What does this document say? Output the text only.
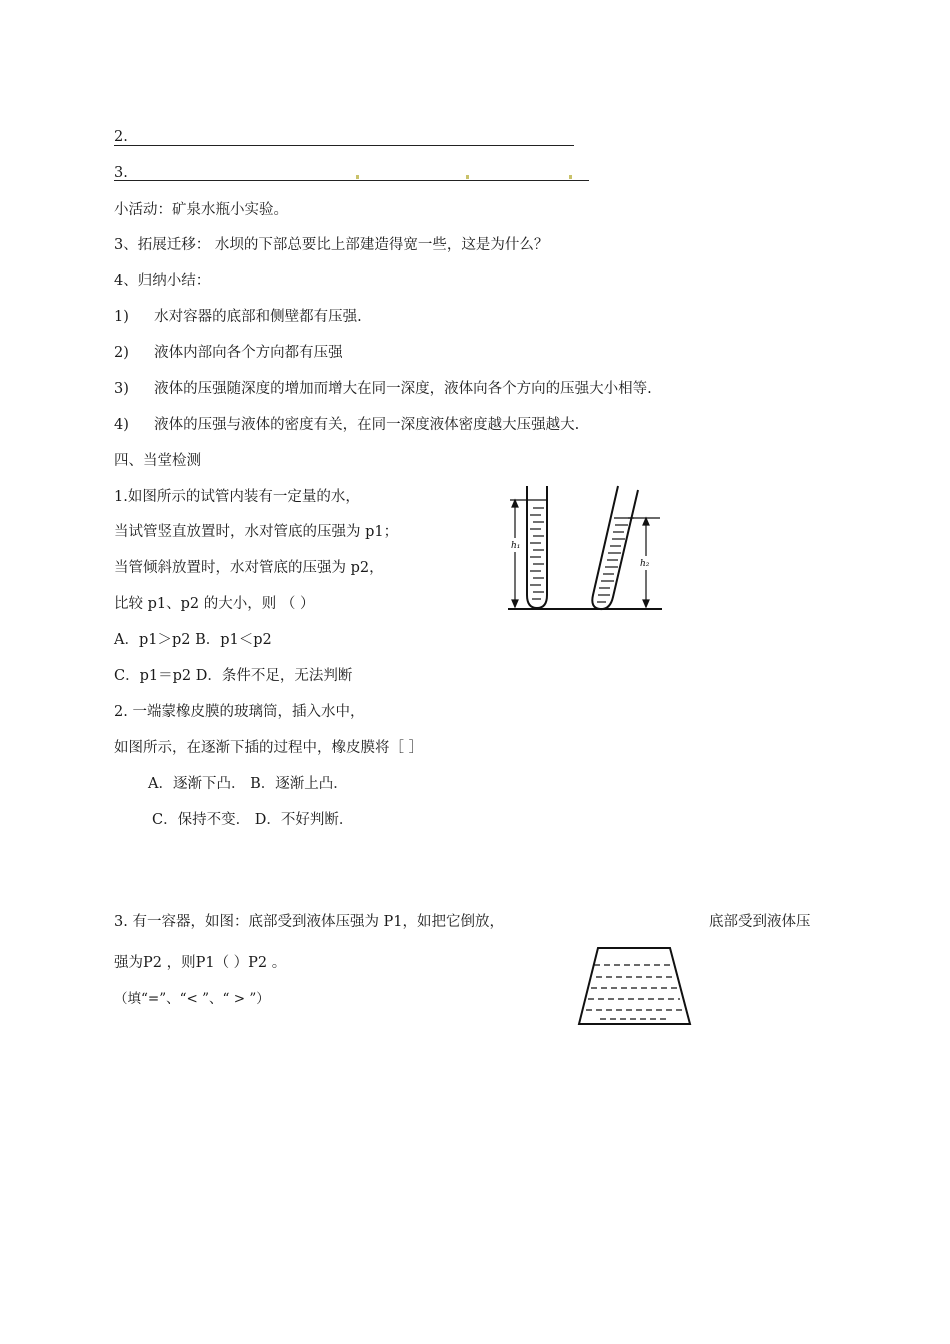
2.
3.
小活动：矿泉水瓶小实验。
3、拓展迁移： 水坝的下部总要比上部建造得宽一些，这是为什么？
4、归纳小结：
1) 水对容器的底部和侧壁都有压强.
2) 液体内部向各个方向都有压强
3) 液体的压强随深度的增加而增大在同一深度，液体向各个方向的压强大小相等.
4) 液体的压强与液体的密度有关，在同一深度液体密度越大压强越大.
四、当堂检测
1.如图所示的试管内装有一定量的水，
当试管竖直放置时，水对管底的压强为 p1；
当管倾斜放置时，水对管底的压强为 p2，
比较 p1、p2 的大小，则 （ ）
A．p1＞p2 B．p1＜p2
C．p1＝p2 D．条件不足，无法判断
h₁
h₂
2. 一端蒙橡皮膜的玻璃筒，插入水中，
如图所示，在逐渐下插的过程中，橡皮膜将［ ］
A．逐渐下凸． B．逐渐上凸．
C．保持不变． D．不好判断．
3. 有一容器，如图：底部受到液体压强为 P1，如把它倒放，	底部受到液体压
强为P2 ，则P1（ ）P2 。
（填“=”、“< ”、“ > ”）
